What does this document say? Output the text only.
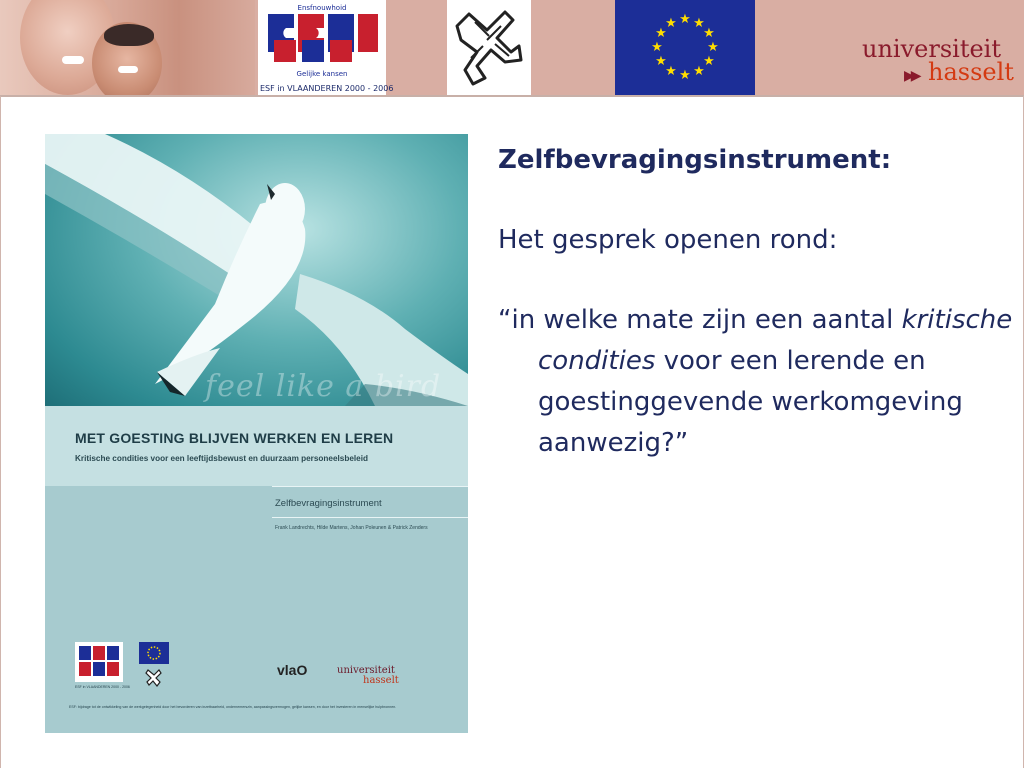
Ensfnouwhoid
Gelijke kansen
ESF in VLAANDEREN 2000 - 2006
★ ★
★
★
★
★
★
★
★
★
★
★
universiteit
▶▶ hasselt
feel like a bird
MET GOESTING BLIJVEN WERKEN EN LEREN
Kritische condities voor een leeftijdsbewust en duurzaam personeelsbeleid
Zelfbevragingsinstrument
Frank Landrechts, Hilde Martens, Johan Poleunen & Patrick Zenders
ESF in VLAANDEREN 2000 - 2006
vlaO	universiteit
hasselt
ESF: bijdrage tot de ontwikkeling van de werkgelegenheid door het bevorderen van inzetbaarheid, ondernemerszin, aanpassingsvermogen, gelijke kansen, en door het investeren in menselijke hulpbronnen.

Zelfbevragingsinstrument:

Het gesprek openen rond:

“in welke mate zijn een aantal kritische condities voor een lerende en goestinggevende werkomgeving aanwezig?”
